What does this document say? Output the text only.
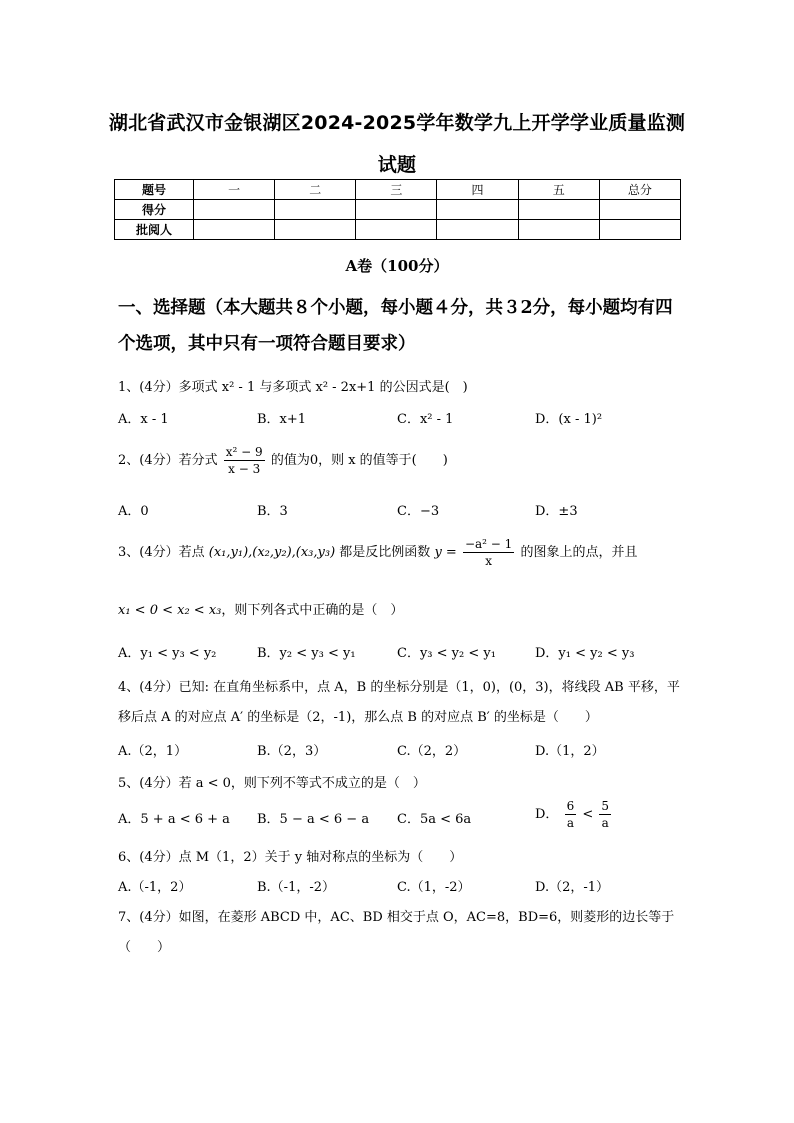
湖北省武汉市金银湖区2024-2025学年数学九上开学学业质量监测
试题
题号	一	二	三	四	五	总分
得分						
批阅人						
A卷（100分）
一、选择题（本大题共８个小题，每小题４分，共３2分，每小题均有四个选项，其中只有一项符合题目要求）
1、(4分）多项式 x² - 1 与多项式 x² - 2x+1 的公因式是(　)
A．x - 1	B．x+1	C．x² - 1	D．(x - 1)²
2、(4分）若分式 $\frac{\text{x² − 9}}{x - 3}$ 的值为0，则 x 的值等于(　　)
A．0	B．3	C．−3	D．±3
3、(4分）若点 (x₁,y₁),(x₂,y₂),(x₃,y₃) 都是反比例函数 $y = \frac{\text{−a² − 1}}{x}$ 的图象上的点，并且
x₁ < 0 < x₂ < x₃，则下列各式中正确的是（　）
A．y₁ < y₃ < y₂	B．y₂ < y₃ < y₁	C．y₃ < y₂ < y₁	D．y₁ < y₂ < y₃
4、(4分）已知: 在直角坐标系中，点 A，B 的坐标分别是（1，0)，(0，3)，将线段 AB 平移，平移后点 A 的对应点 A′ 的坐标是（2，-1)，那么点 B 的对应点 B′ 的坐标是（　　）
A.（2，1）	B.（2，3）	C.（2，2）	D.（1，2）
5、(4分）若 a < 0，则下列不等式不成立的是（　）
A．5 + a < 6 + a B．5 − a < 6 − a C．5a < 6a	D． $\frac{6}{a} < \frac{5}{a}$
6、(4分）点 M（1，2）关于 y 轴对称点的坐标为（　　）
A.（-1，2）	B.（-1，-2）	C.（1，-2）	D.（2，-1）
7、(4分）如图，在菱形 ABCD 中，AC、BD 相交于点 O，AC=8，BD=6，则菱形的边长等于（　　）
